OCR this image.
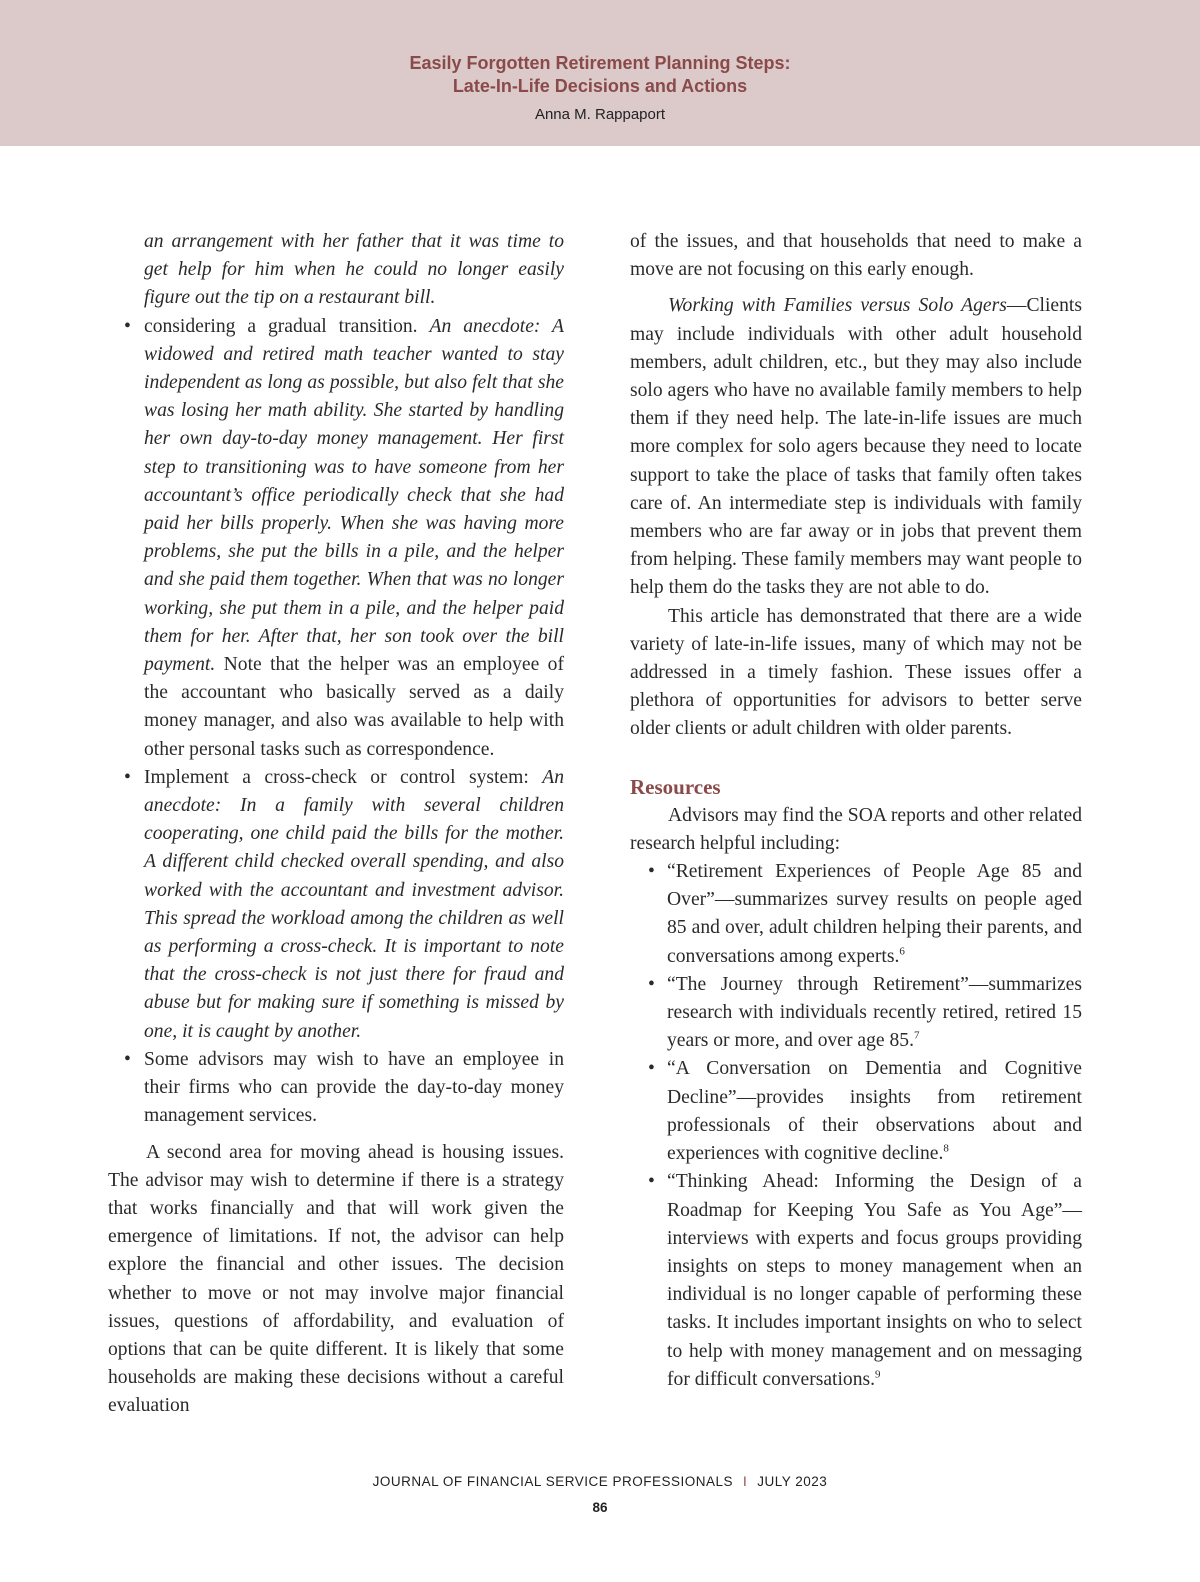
Easily Forgotten Retirement Planning Steps:
Late-In-Life Decisions and Actions
Anna M. Rappaport

an arrangement with her father that it was time to get help for him when he could no longer easily figure out the tip on a restaurant bill.

• considering a gradual transition. An anecdote: A widowed and retired math teacher wanted to stay independent as long as possible, but also felt that she was losing her math ability. She started by handling her own day-to-day money management. Her first step to transitioning was to have someone from her accountant’s office periodically check that she had paid her bills properly. When she was having more problems, she put the bills in a pile, and the helper and she paid them together. When that was no longer working, she put them in a pile, and the helper paid them for her. After that, her son took over the bill payment. Note that the helper was an employee of the accountant who basically served as a daily money manager, and also was available to help with other personal tasks such as correspondence.
• Implement a cross-check or control system: An anecdote: In a family with several children cooperating, one child paid the bills for the mother. A different child checked overall spending, and also worked with the accountant and investment advisor. This spread the workload among the children as well as performing a cross-check. It is important to note that the cross-check is not just there for fraud and abuse but for making sure if something is missed by one, it is caught by another.
• Some advisors may wish to have an employee in their firms who can provide the day-to-day money management services.

A second area for moving ahead is housing issues. The advisor may wish to determine if there is a strategy that works financially and that will work given the emergence of limitations. If not, the advisor can help explore the financial and other issues. The decision whether to move or not may involve major financial issues, questions of affordability, and evaluation of options that can be quite different. It is likely that some households are making these decisions without a careful evaluation

of the issues, and that households that need to make a move are not focusing on this early enough.

Working with Families versus Solo Agers—Clients may include individuals with other adult household members, adult children, etc., but they may also include solo agers who have no available family members to help them if they need help. The late-in-life issues are much more complex for solo agers because they need to locate support to take the place of tasks that family often takes care of. An intermediate step is individuals with family members who are far away or in jobs that prevent them from helping. These family members may want people to help them do the tasks they are not able to do.

This article has demonstrated that there are a wide variety of late-in-life issues, many of which may not be addressed in a timely fashion. These issues offer a plethora of opportunities for advisors to better serve older clients or adult children with older parents.

Resources

Advisors may find the SOA reports and other related research helpful including:

• “Retirement Experiences of People Age 85 and Over”—summarizes survey results on people aged 85 and over, adult children helping their parents, and conversations among experts.$^6$
• “The Journey through Retirement”—summarizes research with individuals recently retired, retired 15 years or more, and over age 85.$^7$
• “A Conversation on Dementia and Cognitive Decline”—provides insights from retirement professionals of their observations about and experiences with cognitive decline.$^8$
• “Thinking Ahead: Informing the Design of a Roadmap for Keeping You Safe as You Age”—interviews with experts and focus groups providing insights on steps to money management when an individual is no longer capable of performing these tasks. It includes important insights on who to select to help with money management and on messaging for difficult conversations.$^9$
JOURNAL OF FINANCIAL SERVICE PROFESSIONALS I JULY 2023
86
